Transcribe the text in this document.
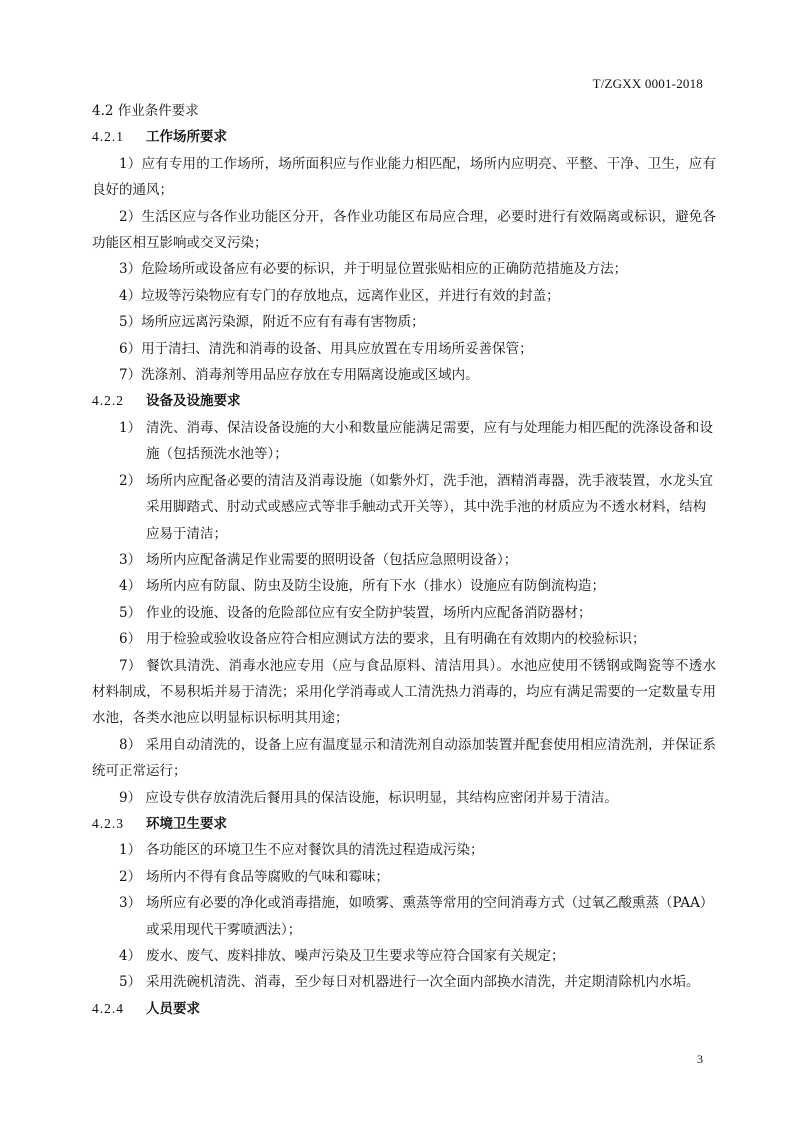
T/ZGXX 0001-2018
4.2 作业条件要求
4.2.1	工作场所要求
1）应有专用的工作场所，场所面积应与作业能力相匹配，场所内应明亮、平整、干净、卫生，应有良好的通风；
2）生活区应与各作业功能区分开，各作业功能区布局应合理，必要时进行有效隔离或标识，避免各功能区相互影响或交叉污染；
3）危险场所或设备应有必要的标识，并于明显位置张贴相应的正确防范措施及方法；
4）垃圾等污染物应有专门的存放地点，远离作业区，并进行有效的封盖；
5）场所应远离污染源，附近不应有有毒有害物质；
6）用于清扫、清洗和消毒的设备、用具应放置在专用场所妥善保管；
7）洗涤剂、消毒剂等用品应存放在专用隔离设施或区域内。
4.2.2	设备及设施要求
1） 清洗、消毒、保洁设备设施的大小和数量应能满足需要，应有与处理能力相匹配的洗涤设备和设施（包括预洗水池等）；
2） 场所内应配备必要的清洁及消毒设施（如紫外灯，洗手池，酒精消毒器，洗手液装置，水龙头宜采用脚踏式、肘动式或感应式等非手触动式开关等），其中洗手池的材质应为不透水材料，结构应易于清洁；
3） 场所内应配备满足作业需要的照明设备（包括应急照明设备）；
4） 场所内应有防鼠、防虫及防尘设施，所有下水（排水）设施应有防倒流构造；
5） 作业的设施、设备的危险部位应有安全防护装置，场所内应配备消防器材；
6） 用于检验或验收设备应符合相应测试方法的要求，且有明确在有效期内的校验标识；
7） 餐饮具清洗、消毒水池应专用（应与食品原料、清洁用具）。水池应使用不锈钢或陶瓷等不透水材料制成，不易积垢并易于清洗；采用化学消毒或人工清洗热力消毒的，均应有满足需要的一定数量专用水池，各类水池应以明显标识标明其用途；
8） 采用自动清洗的，设备上应有温度显示和清洗剂自动添加装置并配套使用相应清洗剂，并保证系统可正常运行；
9） 应设专供存放清洗后餐用具的保洁设施，标识明显，其结构应密闭并易于清洁。
4.2.3	环境卫生要求
1） 各功能区的环境卫生不应对餐饮具的清洗过程造成污染；
2） 场所内不得有食品等腐败的气味和霉味；
3） 场所应有必要的净化或消毒措施，如喷雾、熏蒸等常用的空间消毒方式（过氧乙酸熏蒸（PAA）或采用现代干雾喷洒法）；
4） 废水、废气、废料排放、噪声污染及卫生要求等应符合国家有关规定；
5） 采用洗碗机清洗、消毒，至少每日对机器进行一次全面内部换水清洗，并定期清除机内水垢。
4.2.4	人员要求
3
